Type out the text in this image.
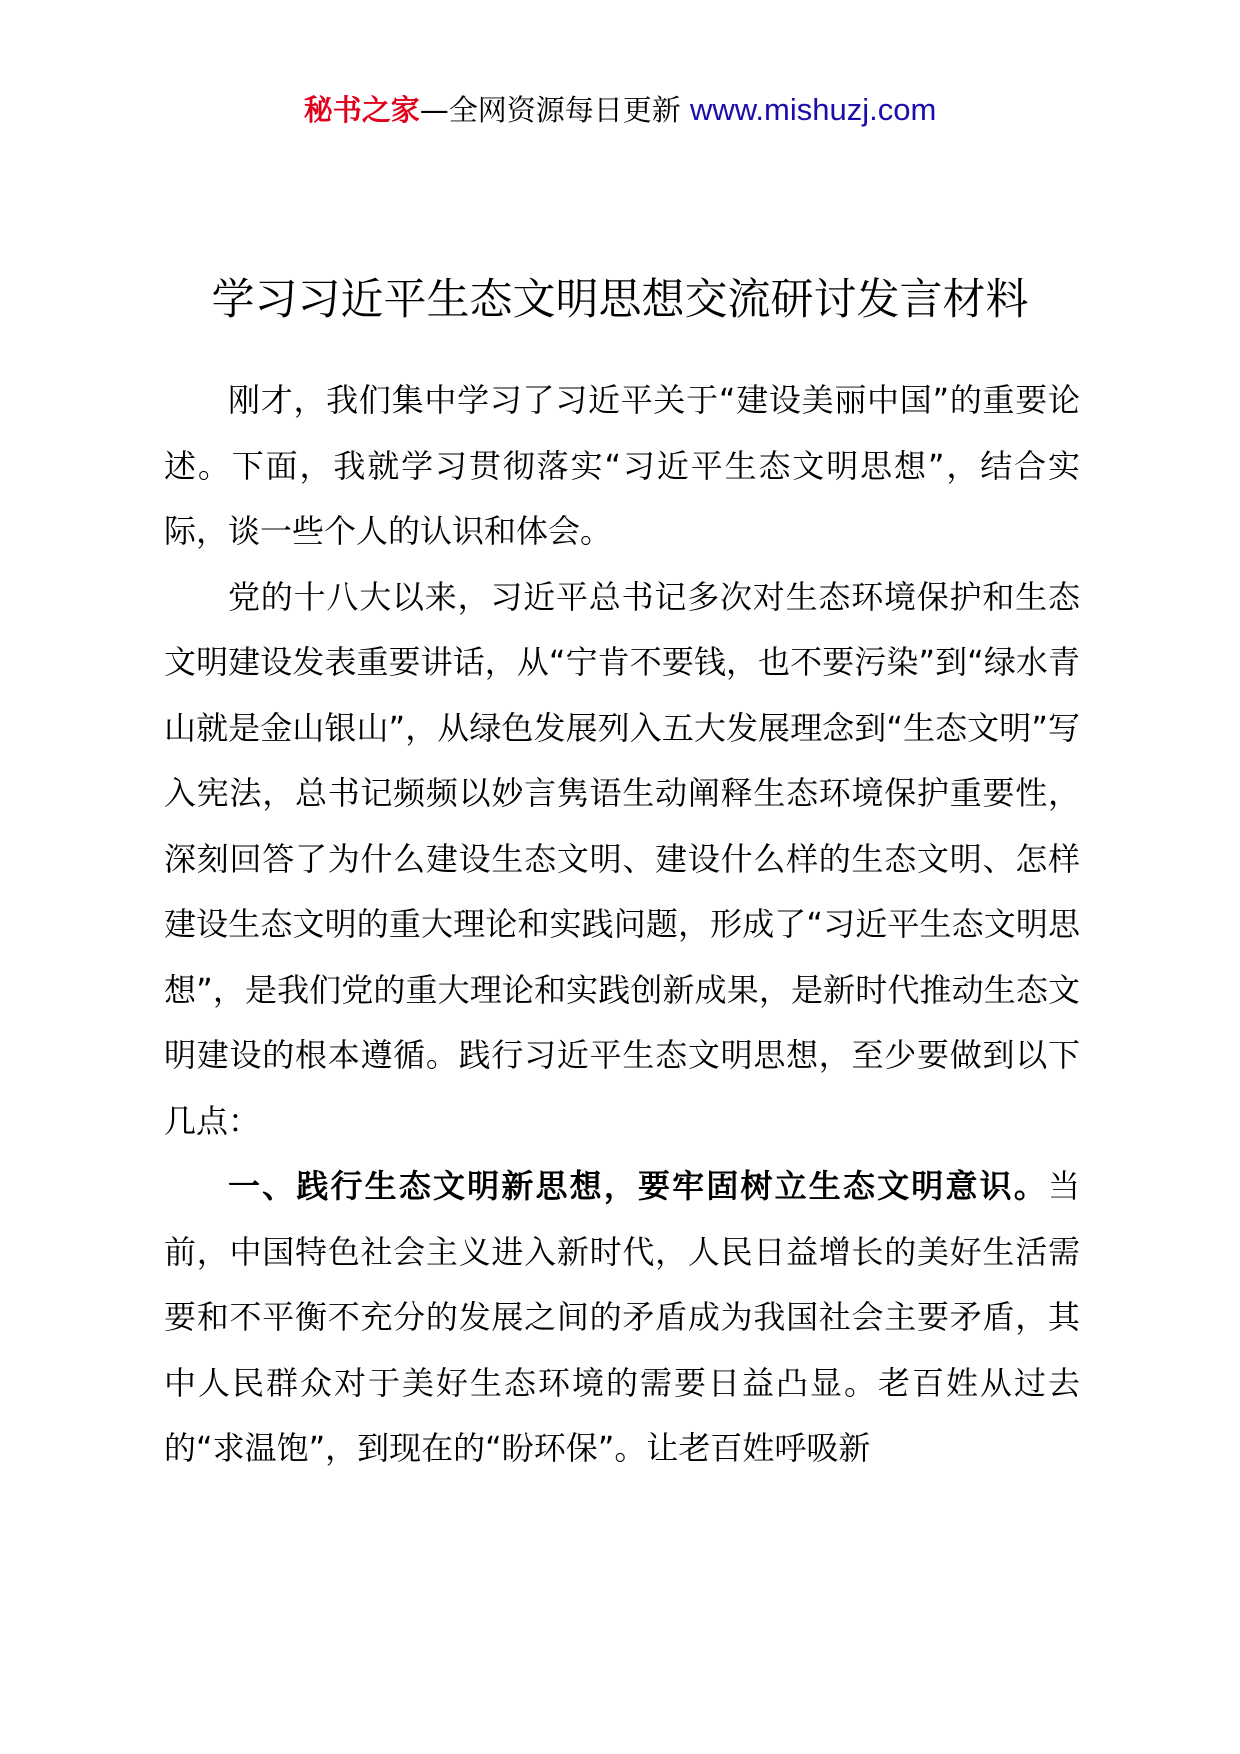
秘书之家—全网资源每日更新 www.mishuzj.com
学习习近平生态文明思想交流研讨发言材料

刚才，我们集中学习了习近平关于“建设美丽中国”的重要论述。下面，我就学习贯彻落实“习近平生态文明思想”，结合实际，谈一些个人的认识和体会。

党的十八大以来，习近平总书记多次对生态环境保护和生态文明建设发表重要讲话，从“宁肯不要钱，也不要污染”到“绿水青山就是金山银山”，从绿色发展列入五大发展理念到“生态文明”写入宪法，总书记频频以妙言隽语生动阐释生态环境保护重要性，深刻回答了为什么建设生态文明、建设什么样的生态文明、怎样建设生态文明的重大理论和实践问题，形成了“习近平生态文明思想”，是我们党的重大理论和实践创新成果，是新时代推动生态文明建设的根本遵循。践行习近平生态文明思想，至少要做到以下几点：

一、践行生态文明新思想，要牢固树立生态文明意识。当前，中国特色社会主义进入新时代，人民日益增长的美好生活需要和不平衡不充分的发展之间的矛盾成为我国社会主要矛盾，其中人民群众对于美好生态环境的需要日益凸显。老百姓从过去的“求温饱”，到现在的“盼环保”。让老百姓呼吸新
